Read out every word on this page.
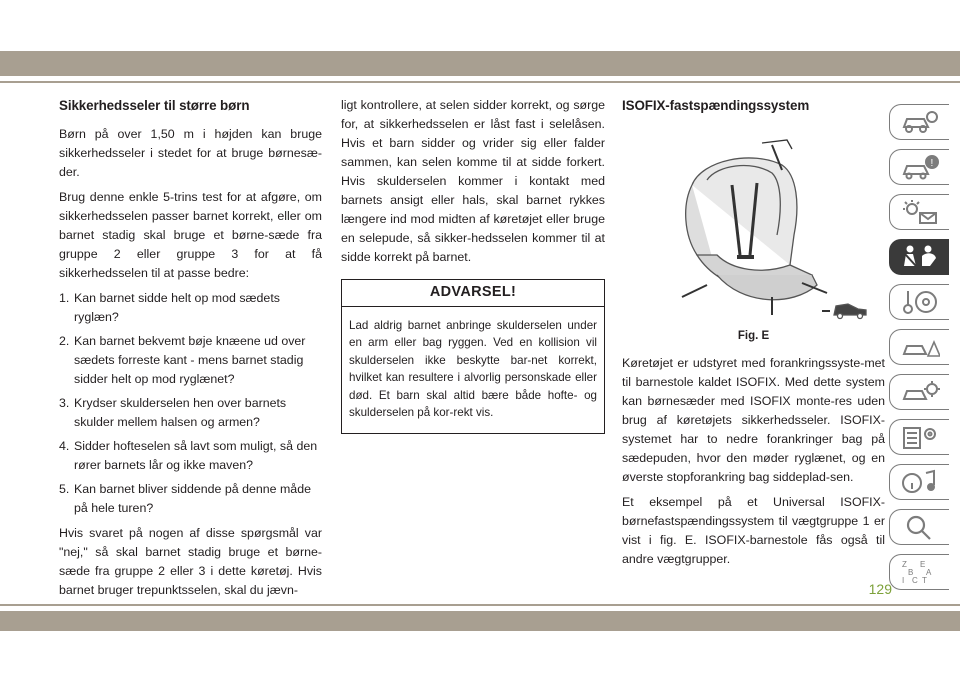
Sikkerhedsseler til større børn

Børn på over 1,50 m i højden kan bruge sikkerhedsseler i stedet for at bruge børnesæ-der.

Brug denne enkle 5-trins test for at afgøre, om sikkerhedsselen passer barnet korrekt, eller om barnet stadig skal bruge et børne-sæde fra gruppe 2 eller gruppe 3 for at få sikkerhedsselen til at passe bedre:

1. Kan barnet sidde helt op mod sædets ryglæn?
2. Kan barnet bekvemt bøje knæene ud over sædets forreste kant - mens barnet stadig sidder helt op mod ryglænet?
3. Krydser skulderselen hen over barnets skulder mellem halsen og armen?
4. Sidder hofteselen så lavt som muligt, så den rører barnets lår og ikke maven?
5. Kan barnet bliver siddende på denne måde på hele turen?

Hvis svaret på nogen af disse spørgsmål var "nej," så skal barnet stadig bruge et børne-sæde fra gruppe 2 eller 3 i dette køretøj. Hvis barnet bruger trepunktsselen, skal du jævn-

ligt kontrollere, at selen sidder korrekt, og sørge for, at sikkerhedsselen er låst fast i selelåsen. Hvis et barn sidder og vrider sig eller falder sammen, kan selen komme til at sidde forkert. Hvis skulderselen kommer i kontakt med barnets ansigt eller hals, skal barnet rykkes længere ind mod midten af køretøjet eller bruge en selepude, så sikker-hedsselen kommer til at sidde korrekt på barnet.

ADVARSEL!
Lad aldrig barnet anbringe skulderselen under en arm eller bag ryggen. Ved en kollision vil skulderselen ikke beskytte bar-net korrekt, hvilket kan resultere i alvorlig personskade eller død. Et barn skal altid bære både hofte- og skulderselen på kor-rekt vis.
ISOFIX-fastspændingssystem
Fig. E

Køretøjet er udstyret med forankringssyste-met til barnestole kaldet ISOFIX. Med dette system kan børnesæder med ISOFIX monte-res uden brug af køretøjets sikkerhedsseler. ISOFIX-systemet har to nedre forankringer bag på sædepuden, hvor den møder ryglænet, og en øverste stopforankring bag siddeplad-sen.

Et eksempel på et Universal ISOFIX-børnefastspændingssystem til vægtgruppe 1 er vist i fig. E. ISOFIX-barnestole fås også til andre vægtgrupper.

!
Z E
B A
I C T
129
